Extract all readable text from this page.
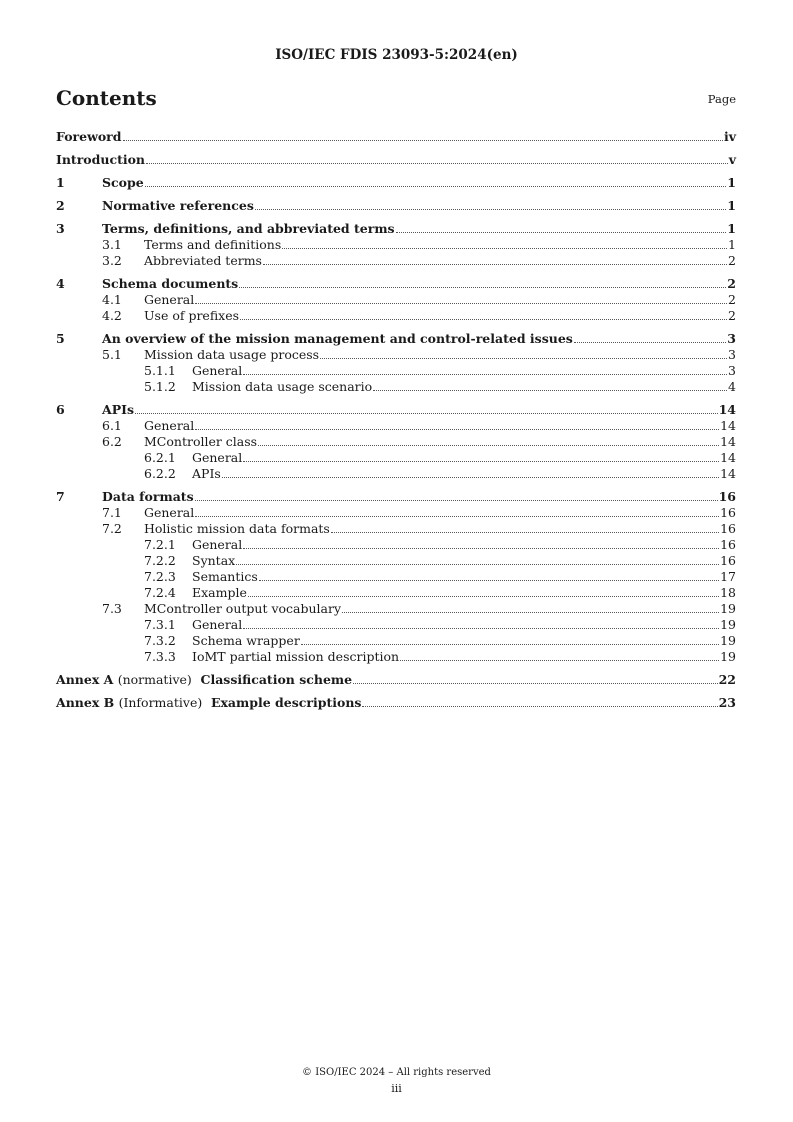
ISO/IEC FDIS 23093-5:2024(en)
Contents	Page
Foreword	iv
Introduction	v
1	Scope	1
2	Normative references	1
3	Terms, definitions, and abbreviated terms	1
3.1	Terms and definitions	1
3.2	Abbreviated terms	2
4	Schema documents	2
4.1	General	2
4.2	Use of prefixes	2
5	An overview of the mission management and control-related issues	3
5.1	Mission data usage process	3
5.1.1	General	3
5.1.2	Mission data usage scenario	4
6	APIs	14
6.1	General	14
6.2	MController class	14
6.2.1	General	14
6.2.2	APIs	14
7	Data formats	16
7.1	General	16
7.2	Holistic mission data formats	16
7.2.1	General	16
7.2.2	Syntax	16
7.2.3	Semantics	17
7.2.4	Example	18
7.3	MController output vocabulary	19
7.3.1	General	19
7.3.2	Schema wrapper	19
7.3.3	IoMT partial mission description	19
Annex A (normative) Classification scheme	22
Annex B (Informative) Example descriptions	23
© ISO/IEC 2024 – All rights reserved
iii
